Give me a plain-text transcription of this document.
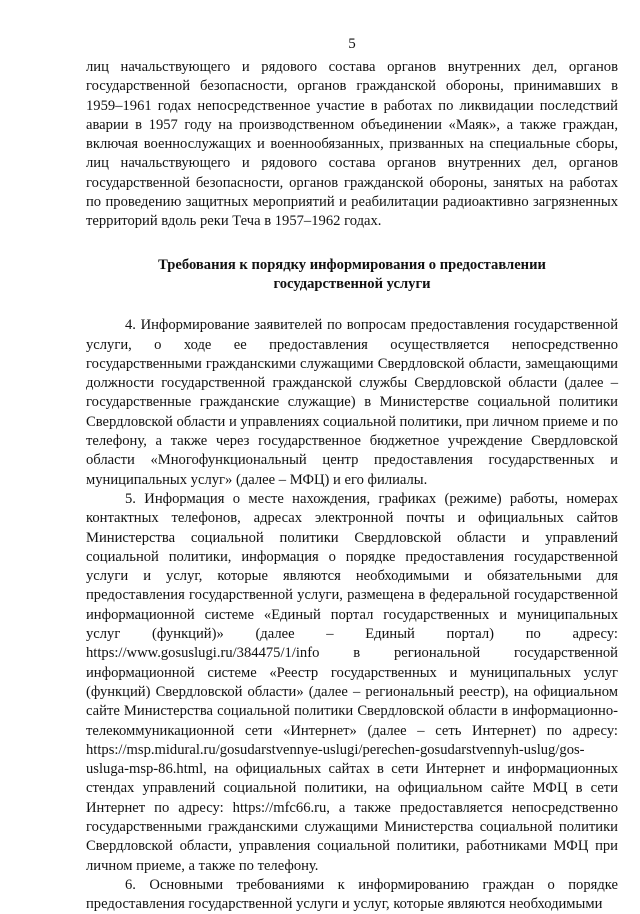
5

лиц начальствующего и рядового состава органов внутренних дел, органов государственной безопасности, органов гражданской обороны, принимавших в 1959–1961 годах непосредственное участие в работах по ликвидации последствий аварии в 1957 году на производственном объединении «Маяк», а также граждан, включая военнослужащих и военнообязанных, призванных на специальные сборы, лиц начальствующего и рядового состава органов внутренних дел, органов государственной безопасности, органов гражданской обороны, занятых на работах по проведению защитных мероприятий и реабилитации радиоактивно загрязненных территорий вдоль реки Теча в 1957–1962 годах.

Требования к порядку информирования о предоставлении
государственной услуги

4. Информирование заявителей по вопросам предоставления государственной услуги, о ходе ее предоставления осуществляется непосредственно государственными гражданскими служащими Свердловской области, замещающими должности государственной гражданской службы Свердловской области (далее – государственные гражданские служащие) в Министерстве социальной политики Свердловской области и управлениях социальной политики, при личном приеме и по телефону, а также через государственное бюджетное учреждение Свердловской области «Многофункциональный центр предоставления государственных и муниципальных услуг» (далее – МФЦ) и его филиалы.

5. Информация о месте нахождения, графиках (режиме) работы, номерах контактных телефонов, адресах электронной почты и официальных сайтов Министерства социальной политики Свердловской области и управлений социальной политики, информация о порядке предоставления государственной услуги и услуг, которые являются необходимыми и обязательными для предоставления государственной услуги, размещена в федеральной государственной информационной системе «Единый портал государственных и муниципальных услуг (функций)» (далее – Единый портал) по адресу: https://www.gosuslugi.ru/384475/1/info в региональной государственной информационной системе «Реестр государственных и муниципальных услуг (функций) Свердловской области» (далее – региональный реестр), на официальном сайте Министерства социальной политики Свердловской области в информационно-телекоммуникационной сети «Интернет» (далее – сеть Интернет) по адресу: https://msp.midural.ru/gosudarstvennye-uslugi/perechen-gosudarstvennyh-uslug/gos-usluga-msp-86.html, на официальных сайтах в сети Интернет и информационных стендах управлений социальной политики, на официальном сайте МФЦ в сети Интернет по адресу: https://mfc66.ru, а также предоставляется непосредственно государственными гражданскими служащими Министерства социальной политики Свердловской области, управления социальной политики, работниками МФЦ при личном приеме, а также по телефону.

6. Основными требованиями к информированию граждан о порядке предоставления государственной услуги и услуг, которые являются необходимыми
